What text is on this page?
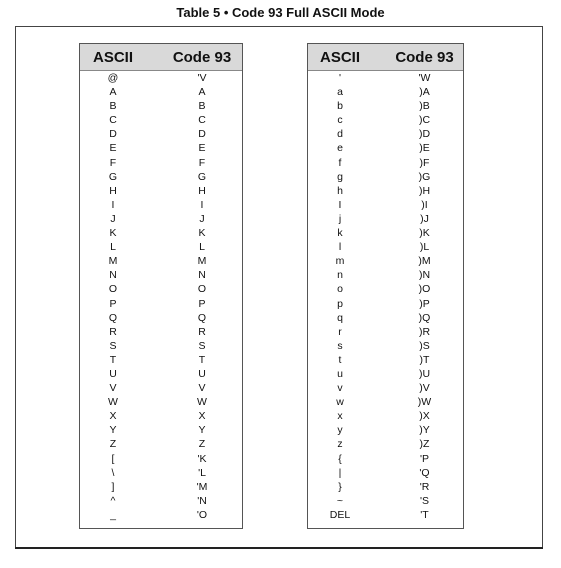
Table 5 • Code 93 Full ASCII Mode
ASCII	Code 93
@	'V
A	A
B	B
C	C
D	D
E	E
F	F
G	G
H	H
I	I
J	J
K	K
L	L
M	M
N	N
O	O
P	P
Q	Q
R	R
S	S
T	T
U	U
V	V
W	W
X	X
Y	Y
Z	Z
[	'K
\	'L
]	'M
^	'N
_	'O
ASCII	Code 93
'	'W
a	)A
b	)B
c	)C
d	)D
e	)E
f	)F
g	)G
h	)H
I	)I
j	)J
k	)K
l	)L
m	)M
n	)N
o	)O
p	)P
q	)Q
r	)R
s	)S
t	)T
u	)U
v	)V
w	)W
x	)X
y	)Y
z	)Z
{	'P
|	'Q
}	'R
~	'S
DEL	'T
